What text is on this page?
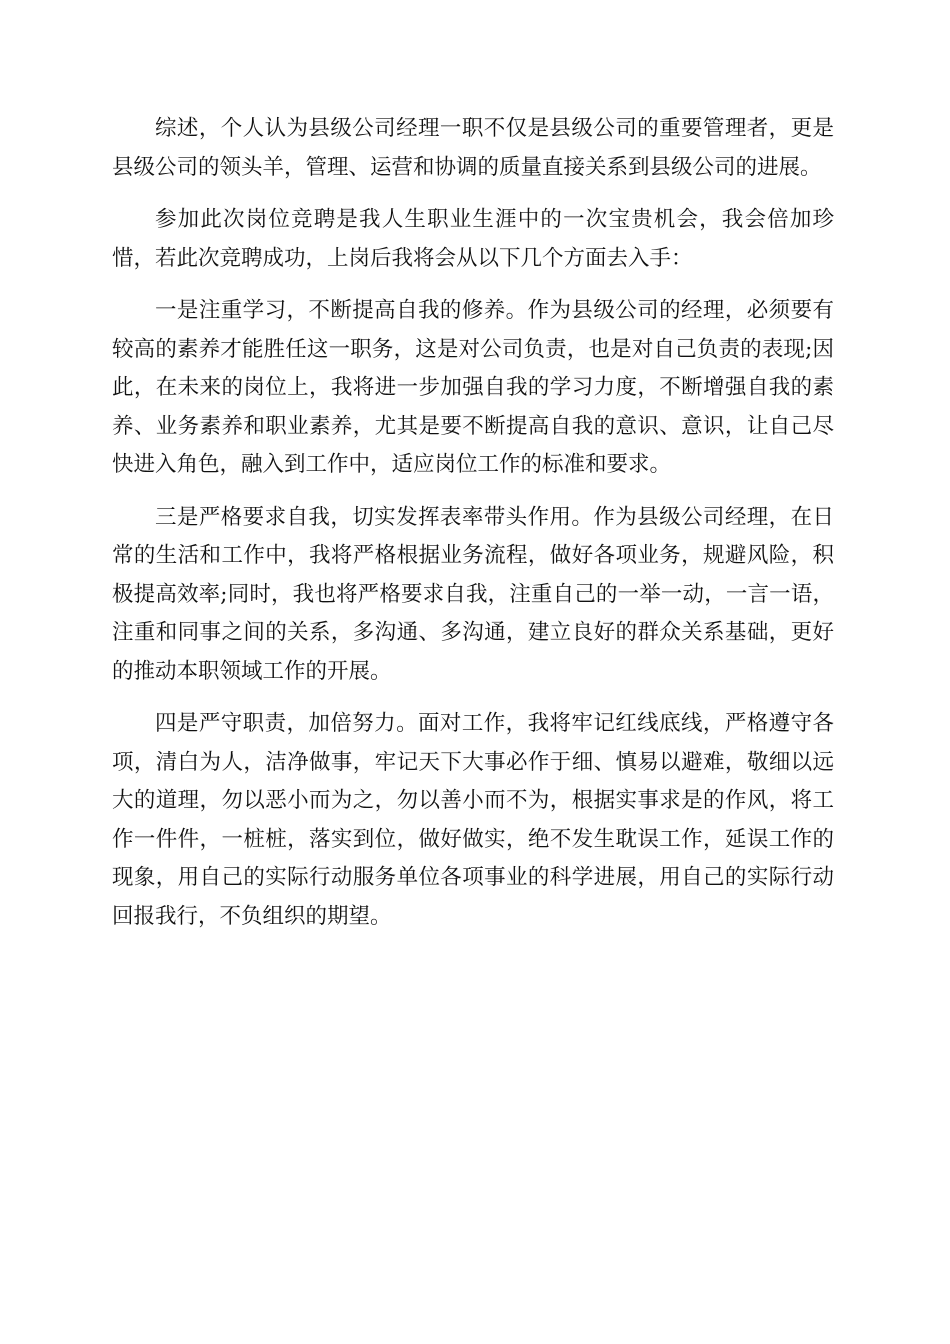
综述，个人认为县级公司经理一职不仅是县级公司的重要管理者，更是县级公司的领头羊，管理、运营和协调的质量直接关系到县级公司的进展。

参加此次岗位竞聘是我人生职业生涯中的一次宝贵机会，我会倍加珍惜，若此次竞聘成功，上岗后我将会从以下几个方面去入手：

一是注重学习，不断提高自我的修养。作为县级公司的经理，必须要有较高的素养才能胜任这一职务，这是对公司负责，也是对自己负责的表现;因此，在未来的岗位上，我将进一步加强自我的学习力度，不断增强自我的素养、业务素养和职业素养，尤其是要不断提高自我的意识、意识，让自己尽快进入角色，融入到工作中，适应岗位工作的标准和要求。

三是严格要求自我，切实发挥表率带头作用。作为县级公司经理，在日常的生活和工作中，我将严格根据业务流程，做好各项业务，规避风险，积极提高效率;同时，我也将严格要求自我，注重自己的一举一动，一言一语，注重和同事之间的关系，多沟通、多沟通，建立良好的群众关系基础，更好的推动本职领域工作的开展。

四是严守职责，加倍努力。面对工作，我将牢记红线底线，严格遵守各项，清白为人，洁净做事，牢记天下大事必作于细、慎易以避难，敬细以远大的道理，勿以恶小而为之，勿以善小而不为，根据实事求是的作风，将工作一件件，一桩桩，落实到位，做好做实，绝不发生耽误工作，延误工作的现象，用自己的实际行动服务单位各项事业的科学进展，用自己的实际行动回报我行，不负组织的期望。
